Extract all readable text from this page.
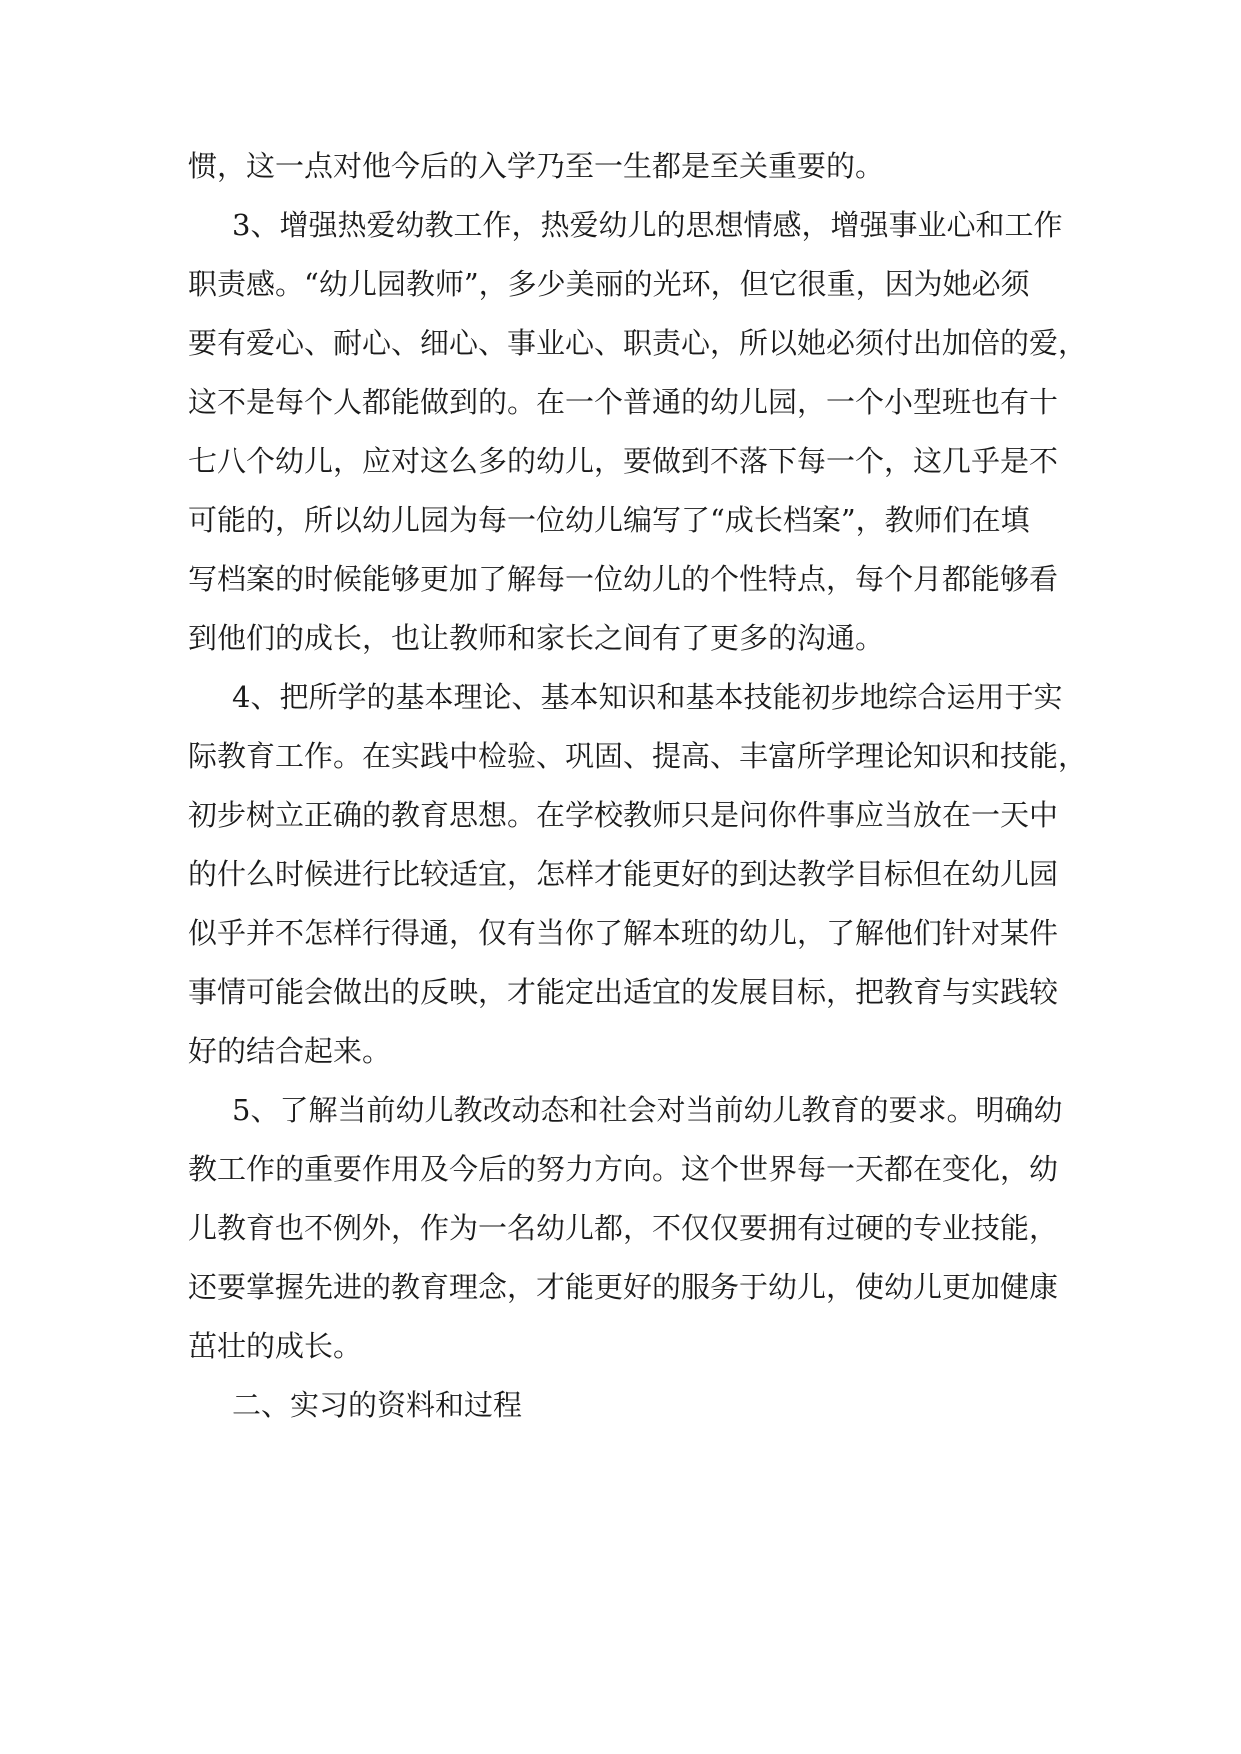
惯，这一点对他今后的入学乃至一生都是至关重要的。
3、增强热爱幼教工作，热爱幼儿的思想情感，增强事业心和工作
职责感。“幼儿园教师”，多少美丽的光环，但它很重，因为她必须
要有爱心、耐心、细心、事业心、职责心，所以她必须付出加倍的爱，
这不是每个人都能做到的。在一个普通的幼儿园，一个小型班也有十
七八个幼儿，应对这么多的幼儿，要做到不落下每一个，这几乎是不
可能的，所以幼儿园为每一位幼儿编写了“成长档案”，教师们在填
写档案的时候能够更加了解每一位幼儿的个性特点，每个月都能够看
到他们的成长，也让教师和家长之间有了更多的沟通。
4、把所学的基本理论、基本知识和基本技能初步地综合运用于实
际教育工作。在实践中检验、巩固、提高、丰富所学理论知识和技能，
初步树立正确的教育思想。在学校教师只是问你件事应当放在一天中
的什么时候进行比较适宜，怎样才能更好的到达教学目标但在幼儿园
似乎并不怎样行得通，仅有当你了解本班的幼儿，了解他们针对某件
事情可能会做出的反映，才能定出适宜的发展目标，把教育与实践较
好的结合起来。
5、了解当前幼儿教改动态和社会对当前幼儿教育的要求。明确幼
教工作的重要作用及今后的努力方向。这个世界每一天都在变化，幼
儿教育也不例外，作为一名幼儿都，不仅仅要拥有过硬的专业技能，
还要掌握先进的教育理念，才能更好的服务于幼儿，使幼儿更加健康
茁壮的成长。
二、实习的资料和过程
